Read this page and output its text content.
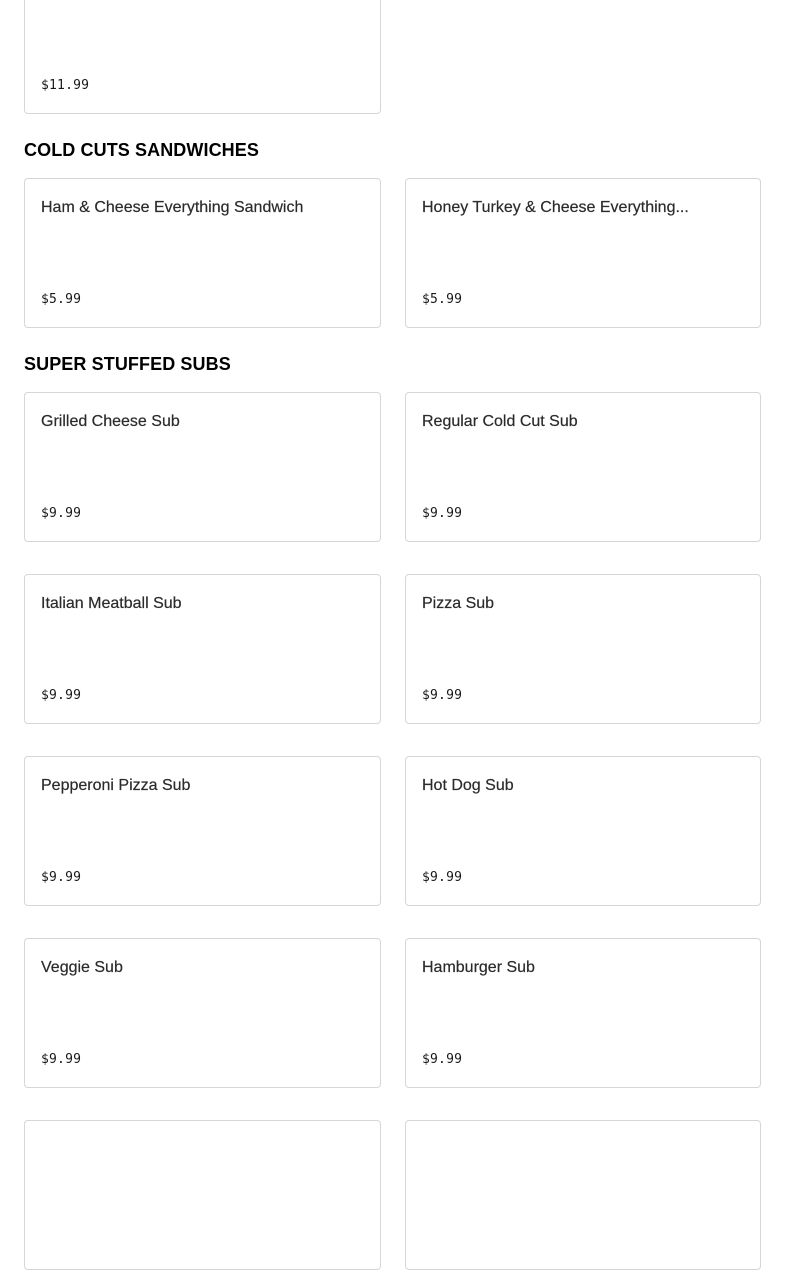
$11.99
COLD CUTS SANDWICHES
Ham & Cheese Everything Sandwich
$5.99
Honey Turkey & Cheese Everything...
$5.99
SUPER STUFFED SUBS
Grilled Cheese Sub
$9.99
Regular Cold Cut Sub
$9.99
Italian Meatball Sub
$9.99
Pizza Sub
$9.99
Pepperoni Pizza Sub
$9.99
Hot Dog Sub
$9.99
Veggie Sub
$9.99
Hamburger Sub
$9.99
